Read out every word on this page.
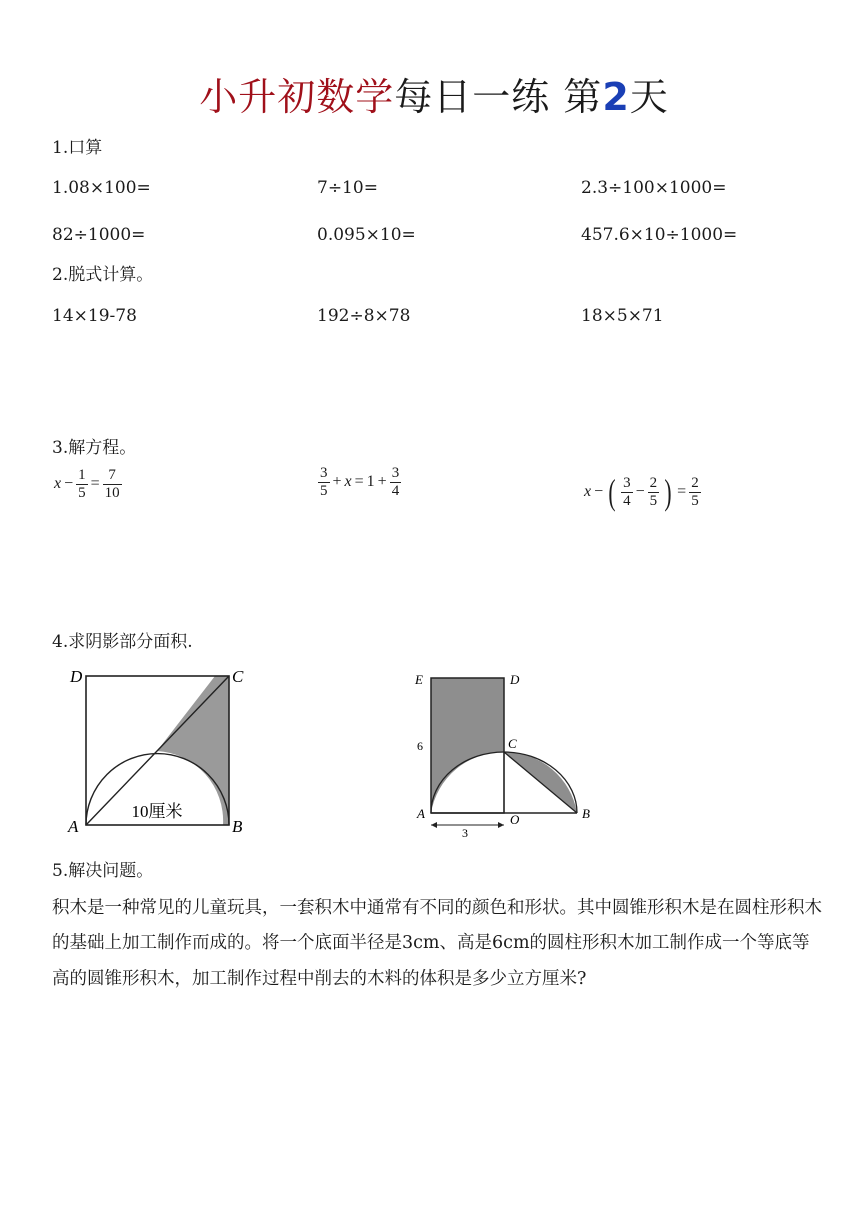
小升初数学每日一练 第2天
1.口算
1.08×100=	7÷10=	2.3÷100×1000=
82÷1000=	0.095×10=	457.6×10÷1000=
2.脱式计算。
14×19-78	192÷8×78	18×5×71
3.解方程。
$x - \frac{1}{5} = \frac{7}{10}$	$\frac{3}{5} + x = 1 + \frac{3}{4}$	x − ( $\frac{3}{4} - \frac{2}{5}$ ) = $\frac{2}{5}$
4.求阴影部分面积.
D	C
A	B
10厘米
E	D
C
A	O	B
6
3
5.解决问题。
积木是一种常见的儿童玩具，一套积木中通常有不同的颜色和形状。其中圆锥形积木是在圆柱形积木的基础上加工制作而成的。将一个底面半径是3cm、高是6cm的圆柱形积木加工制作成一个等底等高的圆锥形积木，加工制作过程中削去的木料的体积是多少立方厘米?
